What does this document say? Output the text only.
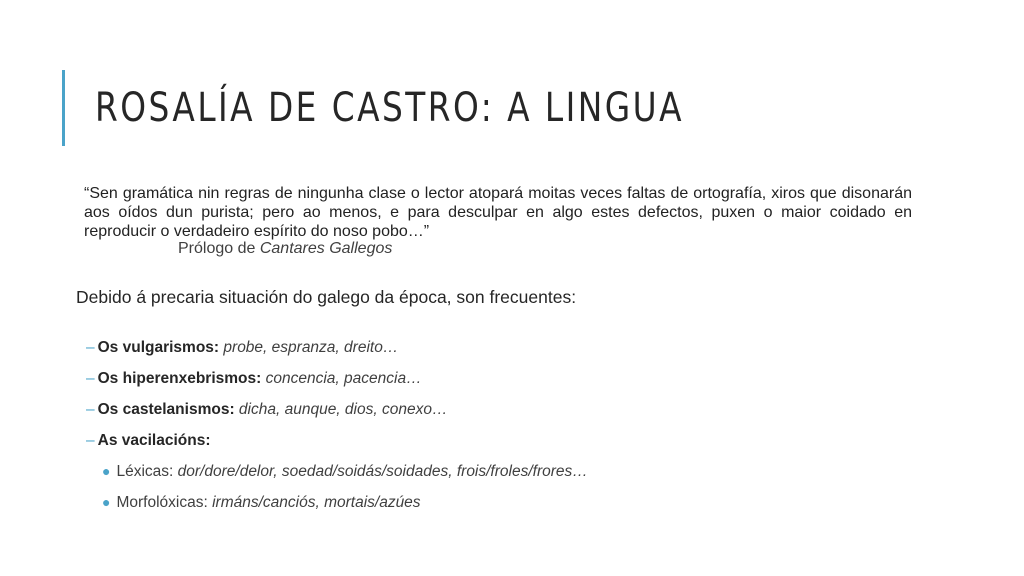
ROSALÍA DE CASTRO: A LINGUA

“Sen gramática nin regras de ningunha clase o lector atopará moitas veces faltas de ortografía, xiros que disonarán aos oídos dun purista; pero ao menos, e para desculpar en algo estes defectos, puxen o maior coidado en reproducir o verdadeiro espírito do noso pobo…”

Prólogo de Cantares Gallegos
Debido á precaria situación do galego da época, son frecuentes:
– Os vulgarismos: probe, espranza, dreito…
– Os hiperenxebrismos: concencia, pacencia…
– Os castelanismos: dicha, aunque, dios, conexo…
– As vacilacións:
● Léxicas: dor/dore/delor, soedad/soidás/soidades, frois/froles/frores…
● Morfolóxicas: irmáns/canciós, mortais/azúes
